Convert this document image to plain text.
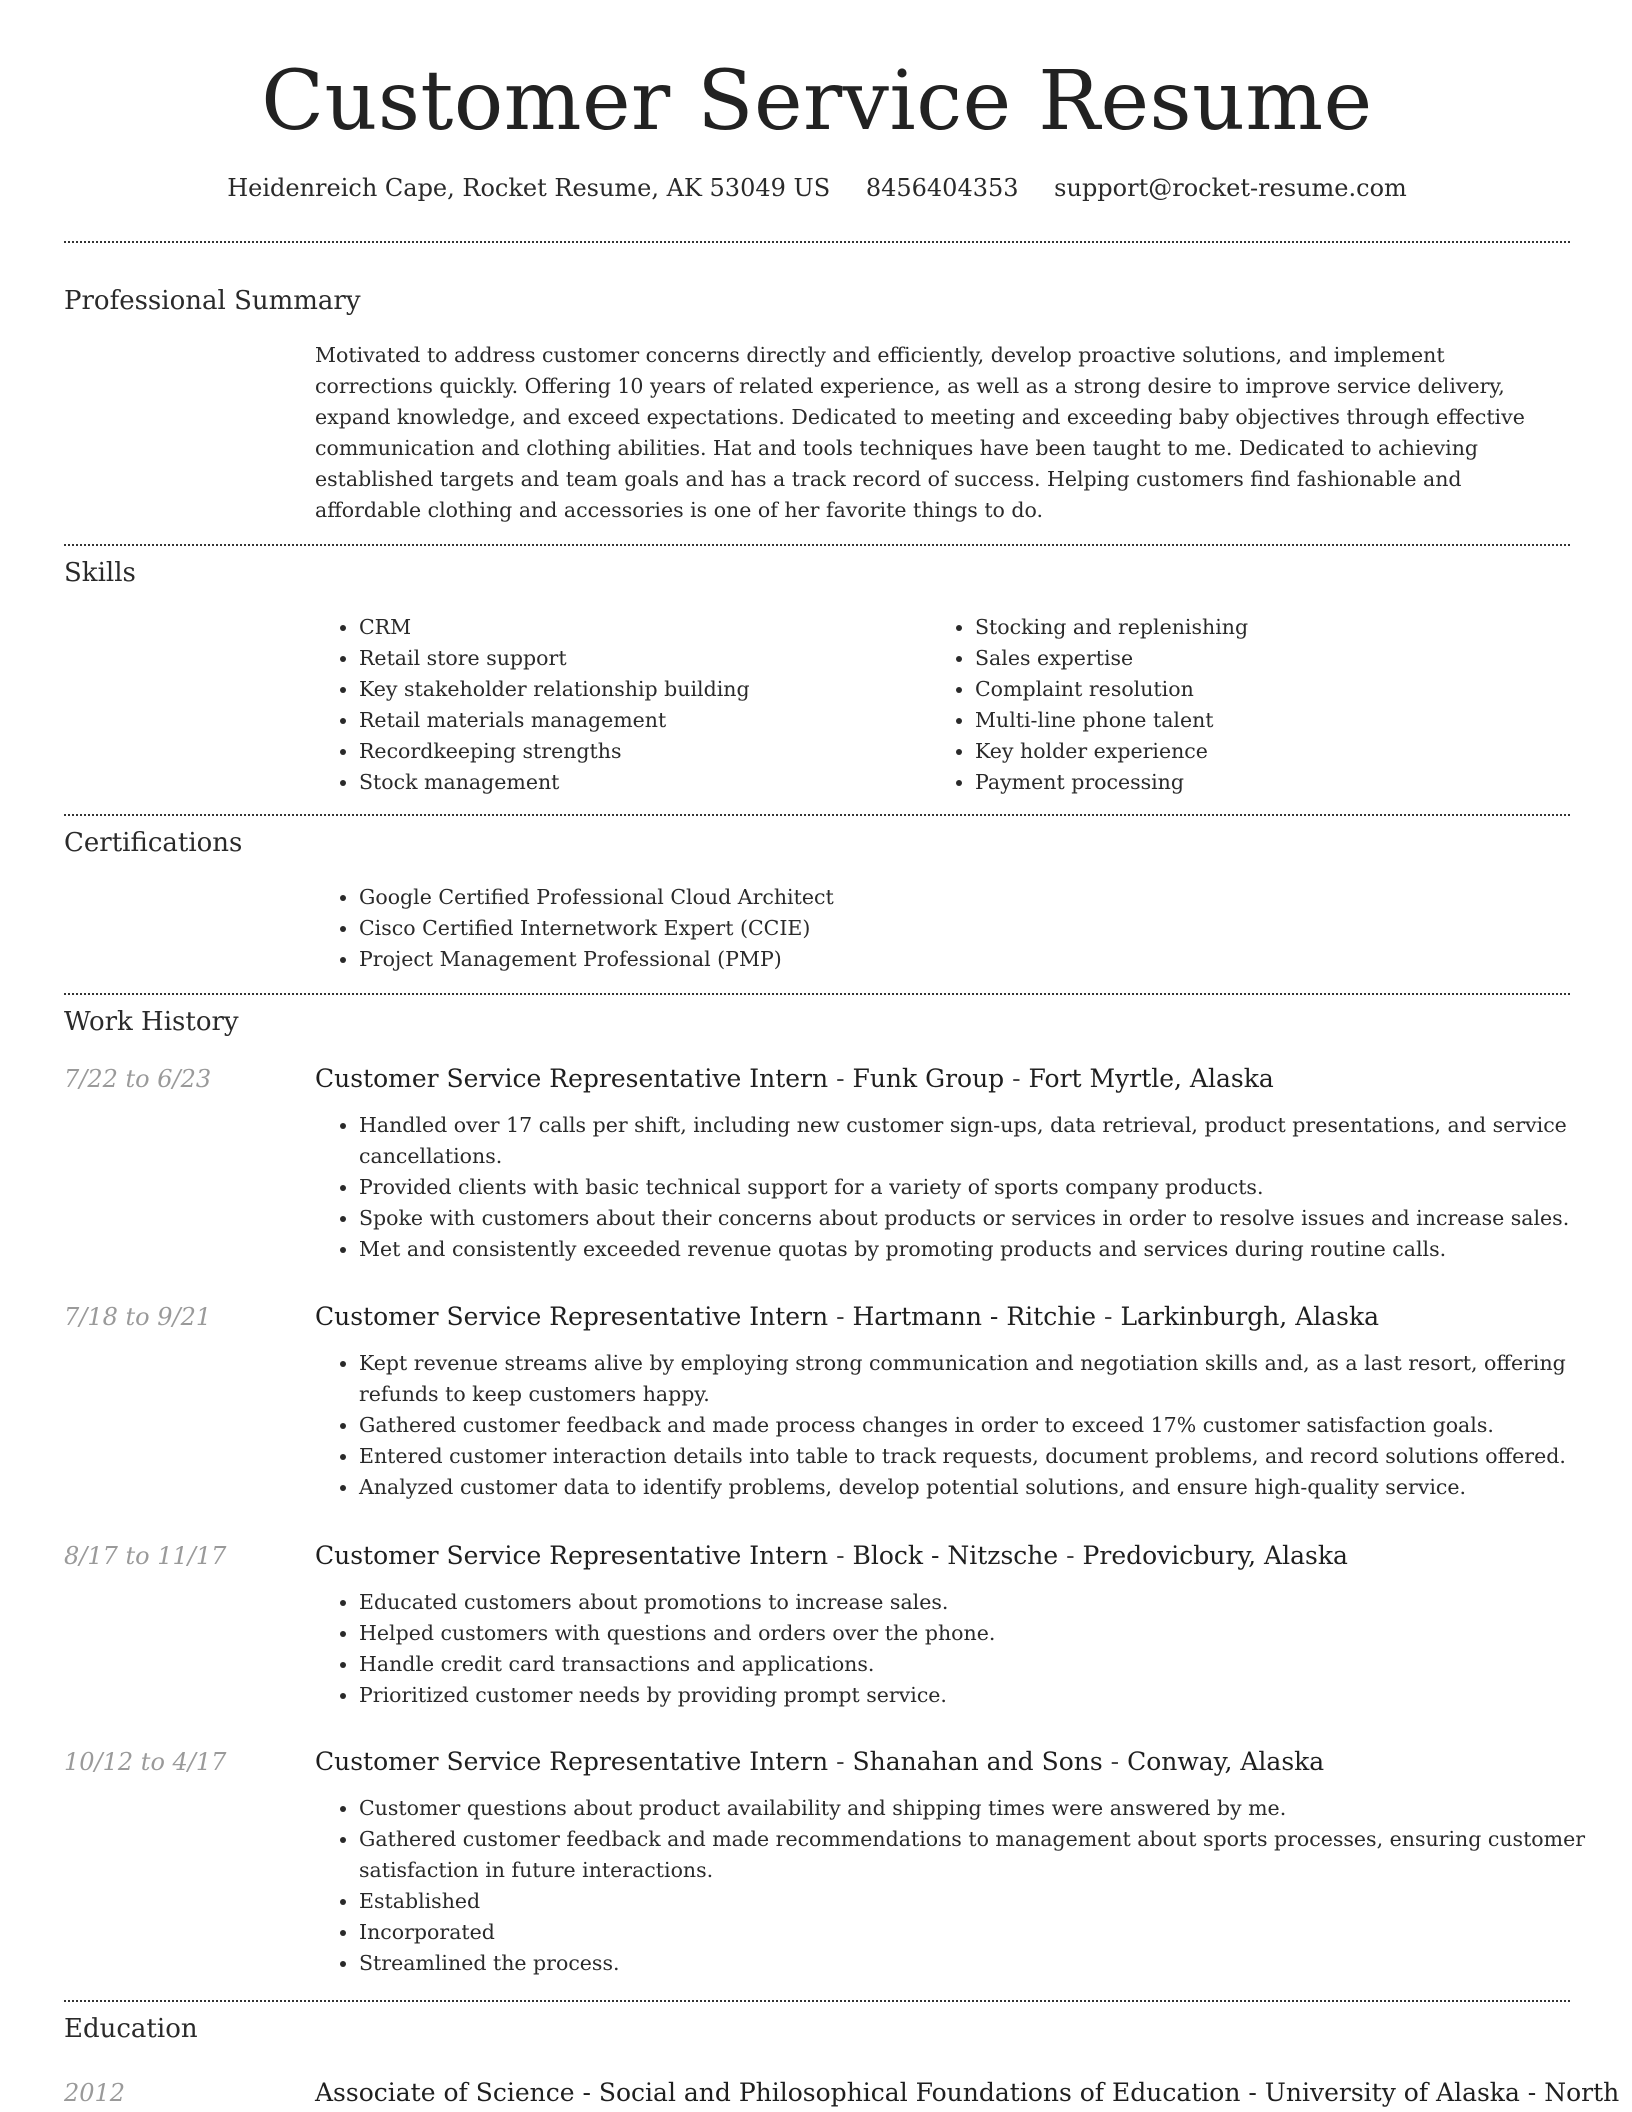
Customer Service Resume
Heidenreich Cape, Rocket Resume, AK 53049 US 8456404353 support@rocket-resume.com
Professional Summary

Motivated to address customer concerns directly and efficiently, develop proactive solutions, and implement corrections quickly. Offering 10 years of related experience, as well as a strong desire to improve service delivery, expand knowledge, and exceed expectations. Dedicated to meeting and exceeding baby objectives through effective communication and clothing abilities. Hat and tools techniques have been taught to me. Dedicated to achieving established targets and team goals and has a track record of success. Helping customers find fashionable and affordable clothing and accessories is one of her favorite things to do.

Skills
• CRM
• Retail store support
• Key stakeholder relationship building
• Retail materials management
• Recordkeeping strengths
• Stock management
• Stocking and replenishing
• Sales expertise
• Complaint resolution
• Multi-line phone talent
• Key holder experience
• Payment processing
Certifications
• Google Certified Professional Cloud Architect
• Cisco Certified Internetwork Expert (CCIE)
• Project Management Professional (PMP)
Work History
7/22 to 6/23	Customer Service Representative Intern - Funk Group - Fort Myrtle, Alaska
• Handled over 17 calls per shift, including new customer sign-ups, data retrieval, product presentations, and service cancellations.
• Provided clients with basic technical support for a variety of sports company products.
• Spoke with customers about their concerns about products or services in order to resolve issues and increase sales.
• Met and consistently exceeded revenue quotas by promoting products and services during routine calls.
7/18 to 9/21	Customer Service Representative Intern - Hartmann - Ritchie - Larkinburgh, Alaska
• Kept revenue streams alive by employing strong communication and negotiation skills and, as a last resort, offering refunds to keep customers happy.
• Gathered customer feedback and made process changes in order to exceed 17% customer satisfaction goals.
• Entered customer interaction details into table to track requests, document problems, and record solutions offered.
• Analyzed customer data to identify problems, develop potential solutions, and ensure high-quality service.
8/17 to 11/17	Customer Service Representative Intern - Block - Nitzsche - Predovicbury, Alaska
• Educated customers about promotions to increase sales.
• Helped customers with questions and orders over the phone.
• Handle credit card transactions and applications.
• Prioritized customer needs by providing prompt service.
10/12 to 4/17	Customer Service Representative Intern - Shanahan and Sons - Conway, Alaska
• Customer questions about product availability and shipping times were answered by me.
• Gathered customer feedback and made recommendations to management about sports processes, ensuring customer satisfaction in future interactions.
• Established
• Incorporated
• Streamlined the process.
Education
2012	Associate of Science - Social and Philosophical Foundations of Education - University of Alaska - North
